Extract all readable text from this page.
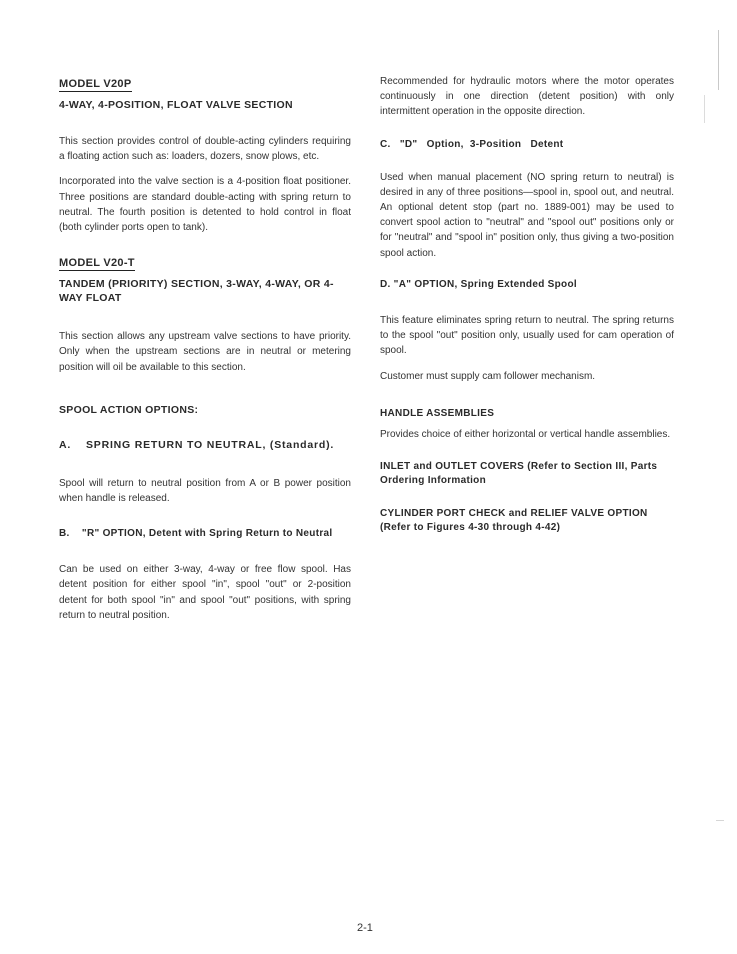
MODEL V20P

4-WAY, 4-POSITION, FLOAT VALVE SECTION

This section provides control of double-acting cylinders requiring a floating action such as: loaders, dozers, snow plows, etc.

Incorporated into the valve section is a 4-position float positioner. Three positions are standard double-acting with spring return to neutral. The fourth position is detented to hold control in float (both cylinder ports open to tank).

MODEL V20-T

TANDEM (PRIORITY) SECTION, 3-WAY, 4-WAY, OR 4-WAY FLOAT

This section allows any upstream valve sections to have priority. Only when the upstream sections are in neutral or metering position will oil be available to this section.

SPOOL ACTION OPTIONS:

A.    SPRING RETURN TO NEUTRAL, (Standard).

Spool will return to neutral position from A or B power position when handle is released.

B.    "R" OPTION, Detent with Spring Return to Neutral

Can be used on either 3-way, 4-way or free flow spool. Has detent position for either spool "in", spool "out" or 2-position detent for both spool "in" and spool "out" positions, with spring return to neutral position.

Recommended for hydraulic motors where the motor operates continuously in one direction (detent position) with only intermittent operation in the opposite direction.

C.   "D"   Option,  3-Position   Detent

Used when manual placement (NO spring return to neutral) is desired in any of three positions—spool in, spool out, and neutral. An optional detent stop (part no. 1889-001) may be used to convert spool action to "neutral" and "spool out" positions only or for "neutral" and "spool in" position only, thus giving a two-position spool action.

D. "A" OPTION, Spring Extended Spool

This feature eliminates spring return to neutral. The spring returns to the spool "out" position only, usually used for cam operation of spool.

Customer must supply cam follower mechanism.

HANDLE ASSEMBLIES

Provides choice of either horizontal or vertical handle assemblies.

INLET and OUTLET COVERS (Refer to Section III, Parts Ordering Information

CYLINDER PORT CHECK and RELIEF VALVE OPTION (Refer to Figures 4-30 through 4-42)

2-1
